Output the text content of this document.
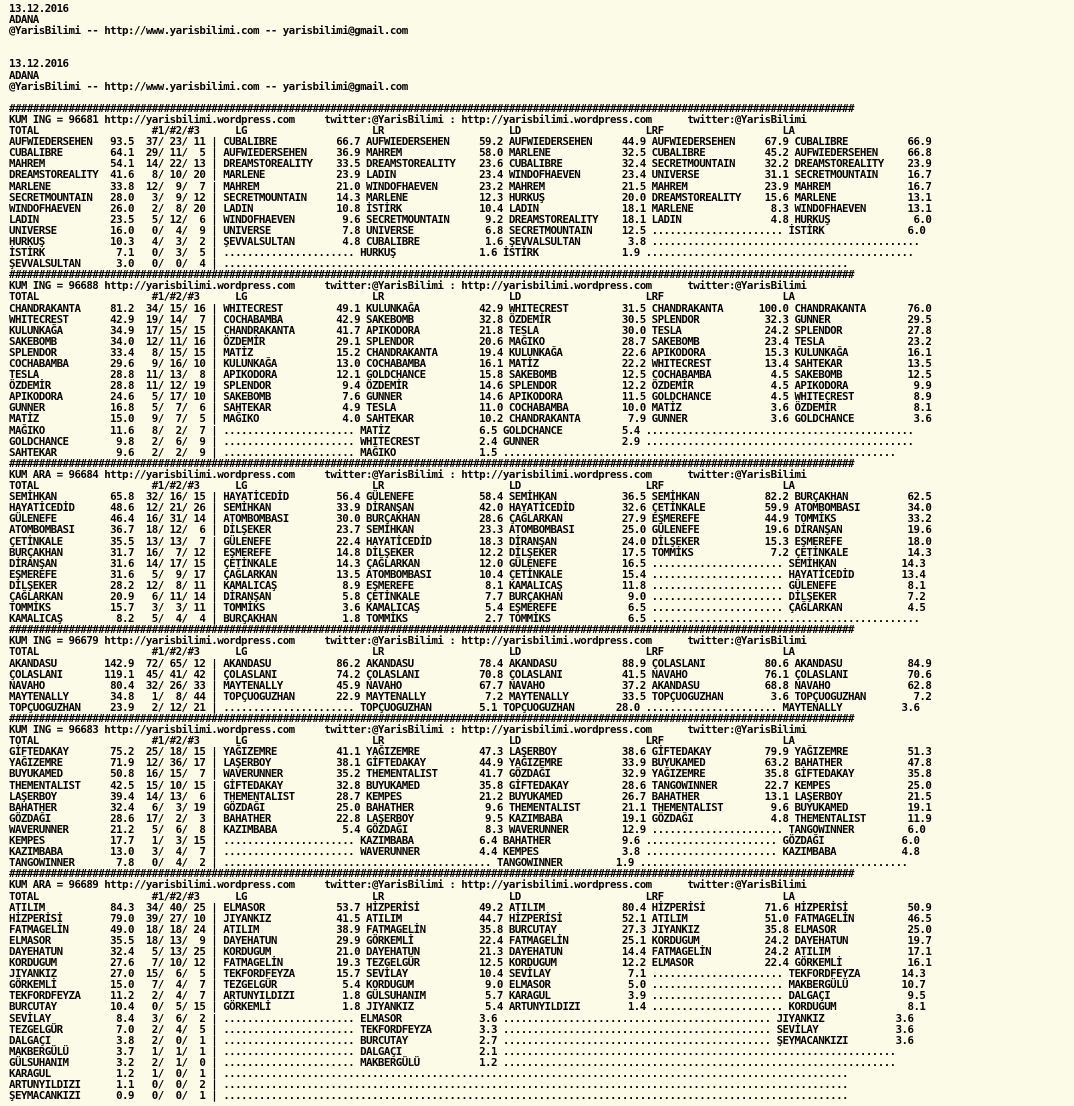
13.12.2016
ADANA
@YarisBilimi -- http://www.yarisbilimi.com -- yarisbilimi@gmail.com

13.12.2016
ADANA
@YarisBilimi -- http://www.yarisbilimi.com -- yarisbilimi@gmail.com

##############################################################################################################################################
KUM ING = 96681 http://yarisbilimi.wordpress.com     twitter:@YarisBilimi : http://yarisbilimi.wordpress.com      twitter:@YarisBilimi
TOTAL                   #1/#2/#3      LG                     LR                     LD                     LRF                    LA
AUFWIEDERSEHEN   93.5  37/ 23/ 11 | CUBALIBRE          66.7 AUFWIEDERSEHEN     59.2 AUFWIEDERSEHEN     44.9 AUFWIEDERSEHEN     67.9 CUBALIBRE          66.9
CUBALIBRE        64.1  29/ 11/  5 | AUFWIEDERSEHEN     36.9 MAHREM             58.0 MARLENE            32.5 CUBALIBRE          45.2 AUFWIEDERSEHEN     66.8
MAHREM           54.1  14/ 22/ 13 | DREAMSTOREALITY    33.5 DREAMSTOREALITY    23.6 CUBALIBRE          32.4 SECRETMOUNTAIN     32.2 DREAMSTOREALITY    23.9
DREAMSTOREALITY  41.6   8/ 10/ 20 | MARLENE            23.9 LADIN              23.4 WINDOFHAEVEN       23.4 UNIVERSE           31.1 SECRETMOUNTAIN     16.7
MARLENE          33.8  12/  9/  7 | MAHREM             21.0 WINDOFHAEVEN       23.2 MAHREM             21.5 MAHREM             23.9 MAHREM             16.7
SECRETMOUNTAIN   28.0   3/  9/ 12 | SECRETMOUNTAIN     14.3 MARLENE            12.3 HURKUŞ             20.0 DREAMSTOREALITY    15.6 MARLENE            13.1
WINDOFHAEVEN     26.0   2/  8/ 20 | LADIN              10.8 İSTİRK             10.4 LADIN              18.1 MARLENE             8.3 WINDOFHAEVEN       13.1
LADIN            23.5   5/ 12/  6 | WINDOFHAEVEN        9.6 SECRETMOUNTAIN      9.2 DREAMSTOREALITY    18.1 LADIN               4.8 HURKUŞ              6.0
UNIVERSE         16.0   0/  4/  9 | UNIVERSE            7.8 UNIVERSE            6.8 SECRETMOUNTAIN     12.5 ...................... İSTİRK              6.0
HURKUŞ           10.3   4/  3/  2 | ŞEVVALSULTAN        4.8 CUBALIBRE           1.6 ŞEVVALSULTAN        3.8 .............................................
İSTİRK            7.1   0/  3/  5 | ...................... HURKUŞ              1.6 İSTİRK              1.9 .............................................
ŞEVVALSULTAN      3.0   0/  0/  4 | .........................................................................................................
##############################################################################################################################################
KUM ING = 96688 http://yarisbilimi.wordpress.com     twitter:@YarisBilimi : http://yarisbilimi.wordpress.com      twitter:@YarisBilimi
TOTAL                   #1/#2/#3      LG                     LR                     LD                     LRF                    LA
CHANDRAKANTA     81.2  34/ 15/ 16 | WHITECREST         49.1 KULUNKAĞA          42.9 WHITECREST         31.5 CHANDRAKANTA      100.0 CHANDRAKANTA       76.0
WHITECREST       42.9  19/ 14/  7 | COCHABAMBA         42.9 SAKEBOMB           32.8 ÖZDEMİR            30.5 SPLENDOR           32.3 GUNNER             29.5
KULUNKAĞA        34.9  17/ 15/ 15 | CHANDRAKANTA       41.7 APIKODORA          21.8 TESLA              30.0 TESLA              24.2 SPLENDOR           27.8
SAKEBOMB         34.0  12/ 11/ 16 | ÖZDEMİR            29.1 SPLENDOR           20.6 MAĞIKO             28.7 SAKEBOMB           23.4 TESLA              23.2
SPLENDOR         33.4   8/ 15/ 15 | MATİZ              15.2 CHANDRAKANTA       19.4 KULUNKAĞA          22.6 APIKODORA          15.3 KULUNKAĞA          16.1
COCHABAMBA       29.6   9/ 16/ 10 | KULUNKAĞA          13.0 COCHABAMBA         16.1 MATİZ              22.2 WHITECREST         13.4 SAHTEKAR           13.5
TESLA            28.8  11/ 13/  8 | APIKODORA          12.1 GOLDCHANCE         15.8 SAKEBOMB           12.5 COCHABAMBA          4.5 SAKEBOMB           12.5
ÖZDEMİR          28.8  11/ 12/ 19 | SPLENDOR            9.4 ÖZDEMİR            14.6 SPLENDOR           12.2 ÖZDEMİR             4.5 APIKODORA           9.9
APIKODORA        24.6   5/ 17/ 10 | SAKEBOMB            7.6 GUNNER             14.6 APIKODORA          11.5 GOLDCHANCE          4.5 WHITECREST          8.9
GUNNER           16.8   5/  7/  6 | SAHTEKAR            4.9 TESLA              11.0 COCHABAMBA         10.0 MATİZ               3.6 ÖZDEMİR             8.1
MATİZ            15.0   9/  7/  5 | MAĞIKO              4.0 SAHTEKAR           10.2 CHANDRAKANTA        7.9 GUNNER              3.6 GOLDCHANCE          3.6
MAĞIKO           11.6   8/  2/  7 | ...................... MATİZ               6.5 GOLDCHANCE          5.4 .............................................
GOLDCHANCE        9.8   2/  6/  9 | ...................... WHITECREST          2.4 GUNNER              2.9 .............................................
SAHTEKAR          9.6   2/  2/  9 | ...................... MAĞIKO              1.5 ..................................................................
##############################################################################################################################################
KUM ARA = 96684 http://yarisbilimi.wordpress.com     twitter:@YarisBilimi : http://yarisbilimi.wordpress.com      twitter:@YarisBilimi
TOTAL                   #1/#2/#3      LG                     LR                     LD                     LRF                    LA
SEMİHKAN         65.8  32/ 16/ 15 | HAYATİCEDİD        56.4 GÜLENEFE           58.4 SEMİHKAN           36.5 SEMİHKAN           82.2 BURÇAKHAN          62.5
HAYATİCEDİD      48.6  12/ 21/ 26 | SEMİHKAN           33.9 DİRANŞAN           42.0 HAYATİCEDİD        32.6 ÇETİNKALE          59.9 ATOMBOMBASI        34.0
GÜLENEFE         46.4  16/ 31/ 14 | ATOMBOMBASI        30.0 BURÇAKHAN          28.6 ÇAĞLARKAN          27.9 EŞMEREFE           44.9 TOMMİKS            33.2
ATOMBOMBASI      36.7  18/ 12/  6 | DİLŞEKER           23.7 SEMİHKAN           23.3 ATOMBOMBASI        25.0 GÜLENEFE           19.6 DİRANŞAN           19.6
ÇETİNKALE        35.5  13/ 13/  7 | GÜLENEFE           22.4 HAYATİCEDİD        18.3 DİRANŞAN           24.0 DİLŞEKER           15.3 EŞMEREFE           18.0
BURÇAKHAN        31.7  16/  7/ 12 | EŞMEREFE           14.8 DİLŞEKER           12.2 DİLŞEKER           17.5 TOMMİKS             7.2 ÇETİNKALE          14.3
DİRANŞAN         31.6  14/ 17/ 15 | ÇETİNKALE          14.3 ÇAĞLARKAN          12.0 GÜLENEFE           16.5 ...................... SEMİHKAN           14.3
EŞMEREFE         31.6   5/  9/ 17 | ÇAĞLARKAN          13.5 ATOMBOMBASI        10.4 ÇETİNKALE          15.4 ...................... HAYATİCEDİD        13.4
DİLŞEKER         28.2  12/  8/ 11 | KAMALICAŞ           8.9 EŞMEREFE            8.1 KAMALICAŞ          11.8 ...................... GÜLENEFE            8.1
ÇAĞLARKAN        20.9   6/ 11/ 14 | DİRANŞAN            5.8 ÇETİNKALE           7.7 BURÇAKHAN           9.0 ...................... DİLŞEKER            7.2
TOMMİKS          15.7   3/  3/ 11 | TOMMİKS             3.6 KAMALICAŞ           5.4 EŞMEREFE            6.5 ...................... ÇAĞLARKAN           4.5
KAMALICAŞ         8.2   5/  4/  4 | BURÇAKHAN           1.8 TOMMİKS             2.7 TOMMİKS             6.5 .............................................
##############################################################################################################################################
KUM ING = 96679 http://yarisbilimi.wordpress.com     twitter:@YarisBilimi : http://yarisbilimi.wordpress.com      twitter:@YarisBilimi
TOTAL                   #1/#2/#3      LG                     LR                     LD                     LRF                    LA
AKANDASU        142.9  72/ 65/ 12 | AKANDASU           86.2 AKANDASU           78.4 AKANDASU           88.9 ÇOLASLANI          80.6 AKANDASU           84.9
ÇOLASLANI       119.1  45/ 41/ 42 | ÇOLASLANI          74.2 ÇOLASLANI          70.8 ÇOLASLANI          41.5 NAVAHO             76.1 ÇOLASLANI          70.6
NAVAHO           80.4  32/ 26/ 33 | MAYTENALLY         45.9 NAVAHO             67.7 NAVAHO             37.2 AKANDASU           68.8 NAVAHO             62.8
MAYTENALLY       34.8   1/  8/ 44 | TOPÇUOGUZHAN       22.9 MAYTENALLY          7.2 MAYTENALLY         33.5 TOPÇUOGUZHAN        3.6 TOPÇUOGUZHAN        7.2
TOPÇUOGUZHAN     23.9   2/ 12/ 21 | ...................... TOPÇUOGUZHAN        5.1 TOPÇUOGUZHAN       28.0 ...................... MAYTENALLY          3.6
##############################################################################################################################################
KUM ING = 96683 http://yarisbilimi.wordpress.com     twitter:@YarisBilimi : http://yarisbilimi.wordpress.com      twitter:@YarisBilimi
TOTAL                   #1/#2/#3      LG                     LR                     LD                     LRF                    LA
GİFTEDAKAY       75.2  25/ 18/ 15 | YAĞIZEMRE          41.1 YAĞIZEMRE          47.3 LAŞERBOY           38.6 GİFTEDAKAY         79.9 YAĞIZEMRE          51.3
YAĞIZEMRE        71.9  12/ 36/ 17 | LAŞERBOY           38.1 GİFTEDAKAY         44.9 YAĞIZEMRE          33.9 BUYUKAMED          63.2 BAHATHER           47.8
BUYUKAMED        50.8  16/ 15/  7 | WAVERUNNER         35.2 THEMENTALIST       41.7 GÖZDAĞI            32.9 YAĞIZEMRE          35.8 GİFTEDAKAY         35.8
THEMENTALIST     42.5  15/ 10/ 15 | GİFTEDAKAY         32.8 BUYUKAMED          35.8 GİFTEDAKAY         28.6 TANGOWINNER        22.7 KEMPES             25.0
LAŞERBOY         39.4  14/ 13/  6 | THEMENTALIST       28.7 KEMPES             21.2 BUYUKAMED          26.7 BAHATHER           13.1 LAŞERBOY           21.5
BAHATHER         32.4   6/  3/ 19 | GÖZDAĞI            25.0 BAHATHER            9.6 THEMENTALIST       21.1 THEMENTALIST        9.6 BUYUKAMED          19.1
GÖZDAĞI          28.6  17/  2/  3 | BAHATHER           22.8 LAŞERBOY            9.5 KAZIMBABA          19.1 GÖZDAĞI             4.8 THEMENTALIST       11.9
WAVERUNNER       21.2   5/  6/  8 | KAZIMBABA           5.4 GÖZDAĞI             8.3 WAVERUNNER         12.9 ...................... TANGOWINNER         6.0
KEMPES           17.7   1/  3/ 15 | ...................... KAZIMBABA           6.4 BAHATHER            9.6 ...................... GÖZDAĞI             6.0
KAZIMBABA        13.0   3/  4/  7 | ...................... WAVERUNNER          4.4 KEMPES              3.8 ...................... KAZIMBABA           4.8
TANGOWINNER       7.8   0/  4/  2 | ............................................. TANGOWINNER         1.9 .............................................
##############################################################################################################################################
KUM ARA = 96689 http://yarisbilimi.wordpress.com     twitter:@YarisBilimi : http://yarisbilimi.wordpress.com      twitter:@YarisBilimi
TOTAL                   #1/#2/#3      LG                     LR                     LD                     LRF                    LA
ATILIM           84.3  34/ 40/ 25 | ELMASOR            53.7 HİZPERİSİ          49.2 ATILIM             80.4 HİZPERİSİ          71.6 HİZPERİSİ          50.9
HİZPERİSİ        79.0  39/ 27/ 10 | JIYANKIZ           41.5 ATILIM             44.7 HİZPERİSİ          52.1 ATILIM             51.0 FATMAGELİN         46.5
FATMAGELİN       49.0  18/ 18/ 24 | ATILIM             38.9 FATMAGELİN         35.8 BURCUTAY           27.3 JIYANKIZ           35.8 ELMASOR            25.0
ELMASOR          35.5  18/ 13/  9 | DAYEHATUN          29.9 GÖRKEMLİ           22.4 FATMAGELİN         25.1 KORDUGUM           24.2 DAYEHATUN          19.7
DAYEHATUN        32.4   5/ 13/ 25 | KORDUGUM           21.0 DAYEHATUN          21.3 DAYEHATUN          14.4 FATMAGELİN         24.2 ATILIM             17.1
KORDUGUM         27.6   7/ 10/ 12 | FATMAGELİN         19.3 TEZGELGÜR          12.5 KORDUGUM           12.2 ELMASOR            22.4 GÖRKEMLİ           16.1
JIYANKIZ         27.0  15/  6/  5 | TEKFORDFEYZA       15.7 SEVİLAY            10.4 SEVİLAY             7.1 ...................... TEKFORDFEYZA       14.3
GÖRKEMLİ         15.0   7/  4/  7 | TEZGELGÜR           5.4 KORDUGUM            9.0 ELMASOR             5.0 ...................... MAKBERGÜLÜ         10.7
TEKFORDFEYZA     11.2   2/  4/  7 | ARTUNYILDIZI        1.8 GÜLSUHANIM          5.7 KARAGUL             3.9 ...................... DALGAÇI             9.5
BURCUTAY         10.4   0/  5/ 15 | GÖRKEMLİ            1.8 JIYANKIZ            5.4 ARTUNYILDIZI        1.4 ...................... KORDUGUM            8.1
SEVİLAY           8.4   3/  6/  2 | ...................... ELMASOR             3.6 ............................................. JIYANKIZ            3.6
TEZGELGÜR         7.0   2/  4/  5 | ...................... TEKFORDFEYZA        3.3 ............................................. SEVİLAY             3.6
DALGAÇI           3.8   2/  0/  1 | ...................... BURCUTAY            2.7 ............................................. ŞEYMACANKIZI        3.6
MAKBERGÜLÜ        3.7   1/  1/  1 | ...................... DALGAÇI             2.1 ..................................................................
GÜLSUHANIM        3.2   2/  1/  0 | ...................... MAKBERGÜLÜ          1.2 ..................................................................
KARAGUL           1.2   1/  0/  1 | .........................................................................................................
ARTUNYILDIZI      1.1   0/  0/  2 | .........................................................................................................
ŞEYMACANKIZI      0.9   0/  0/  1 | .........................................................................................................
